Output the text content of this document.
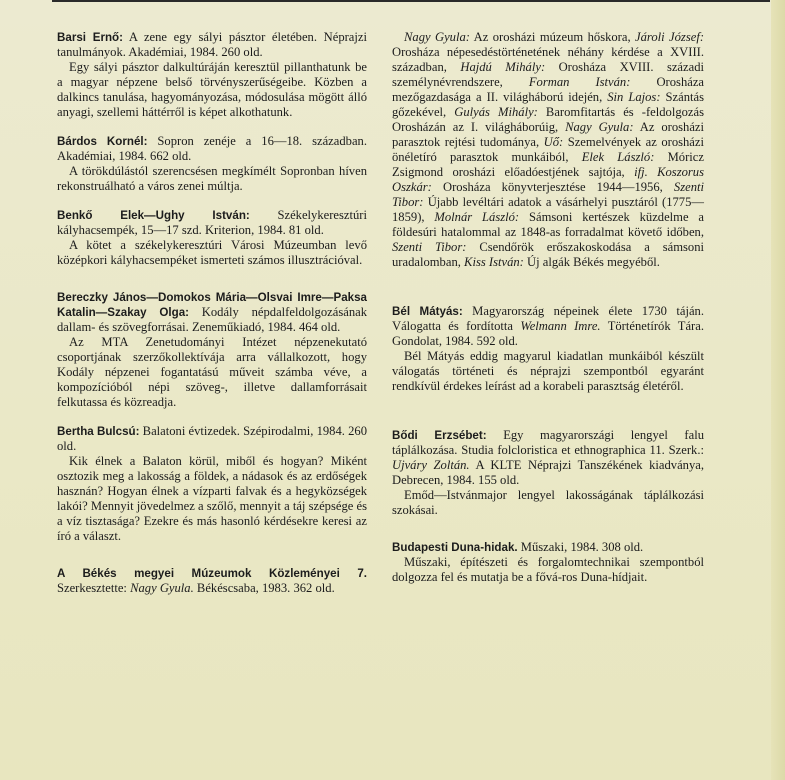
Barsi Ernő: A zene egy sályi pásztor életében. Néprajzi tanulmányok. Akadémiai, 1984. 260 old.

Egy sályi pásztor dalkultúráján keresztül pillanthatunk be a magyar népzene belső törvényszerűségeibe. Közben a dalkincs tanulása, hagyományozása, módosulása mögött álló anyagi, szellemi háttérről is képet alkothatunk.

Bárdos Kornél: Sopron zenéje a 16—18. században. Akadémiai, 1984. 662 old.

A törökdúlástól szerencsésen megkímélt Sopronban híven rekonstruálható a város zenei múltja.

Benkő Elek—Ughy István: Székelykeresztúri kályhacsempék, 15—17 szd. Kriterion, 1984. 81 old.

A kötet a székelykeresztúri Városi Múzeumban levő középkori kályhacsempéket ismerteti számos illusztrációval.

Bereczky János—Domokos Mária—Olsvai Imre—Paksa Katalin—Szakay Olga: Kodály népdalfeldolgozásának dallam- és szövegforrásai. Zeneműkiadó, 1984. 464 old.

Az MTA Zenetudományi Intézet népzenekutató csoportjának szerzőkollektívája arra vállalkozott, hogy Kodály népzenei fogantatású műveit számba véve, a kompozícióból népi szöveg-, illetve dallamforrásait felkutassa és közreadja.

Bertha Bulcsú: Balatoni évtizedek. Szépirodalmi, 1984. 260 old.

Kik élnek a Balaton körül, miből és hogyan? Miként osztozik meg a lakosság a földek, a nádasok és az erdőségek hasznán? Hogyan élnek a vízparti falvak és a hegyközségek lakói? Mennyit jövedelmez a szőlő, mennyit a táj szépsége és a víz tisztasága? Ezekre és más hasonló kérdésekre keresi az író a választ.

A Békés megyei Múzeumok Közleményei 7. Szerkesztette: Nagy Gyula. Békéscsaba, 1983. 362 old.

Nagy Gyula: Az orosházi múzeum hőskora, Jároli József: Orosháza népesedéstörténetének néhány kérdése a XVIII. században, Hajdú Mihály: Orosháza XVIII. századi személynévrendszere, Forman István: Orosháza mezőgazdasága a II. világháború idején, Sin Lajos: Szántás gőzekével, Gulyás Mihály: Baromfitartás és -feldolgozás Orosházán az I. világháborúig, Nagy Gyula: Az orosházi parasztok rejtési tudománya, Uő: Szemelvények az orosházi önéletíró parasztok munkáiból, Elek László: Móricz Zsigmond orosházi előadóestjének sajtója, ifj. Koszorus Oszkár: Orosháza könyvterjesztése 1944—1956, Szenti Tibor: Újabb levéltári adatok a vásárhelyi pusztáról (1775—1859), Molnár László: Sámsoni kertészek küzdelme a földesúri hatalommal az 1848-as forradalmat követő időben, Szenti Tibor: Csendőrök erőszakoskodása a sámsoni uradalomban, Kiss István: Új algák Békés megyéből.

Bél Mátyás: Magyarország népeinek élete 1730 táján. Válogatta és fordította Welmann Imre. Történetírók Tára. Gondolat, 1984. 592 old.

Bél Mátyás eddig magyarul kiadatlan munkáiból készült válogatás történeti és néprajzi szempontból egyaránt rendkívül érdekes leírást ad a korabeli parasztság életéről.

Bődi Erzsébet: Egy magyarországi lengyel falu táplálkozása. Studia folcloristica et ethnographica 11. Szerk.: Ujváry Zoltán. A KLTE Néprajzi Tanszékének kiadványa, Debrecen, 1984. 155 old.

Emőd—Istvánmajor lengyel lakosságának táplálkozási szokásai.

Budapesti Duna-hidak. Műszaki, 1984. 308 old.

Műszaki, építészeti és forgalomtechnikai szempontból dolgozza fel és mutatja be a fővá-ros Duna-hídjait.
